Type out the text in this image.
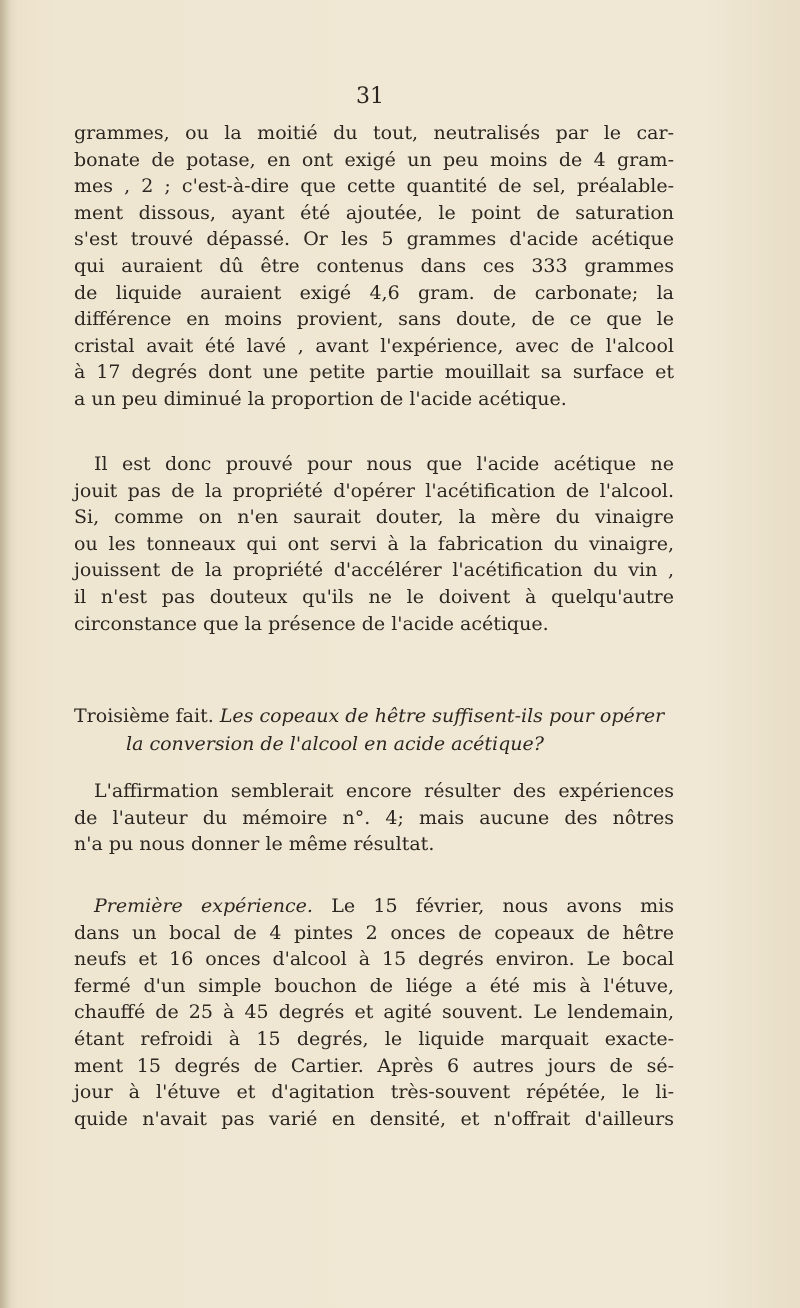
31
grammes, ou la moitié du tout, neutralisés par le car-
bonate de potase, en ont exigé un peu moins de 4 gram-
mes , 2 ; c'est-à-dire que cette quantité de sel, préalable-
ment dissous, ayant été ajoutée, le point de saturation
s'est trouvé dépassé. Or les 5 grammes d'acide acétique
qui auraient dû être contenus dans ces 333 grammes
de liquide auraient exigé 4,6 gram. de carbonate; la
différence en moins provient, sans doute, de ce que le
cristal avait été lavé , avant l'expérience, avec de l'alcool
à 17 degrés dont une petite partie mouillait sa surface et
a un peu diminué la proportion de l'acide acétique.
Il est donc prouvé pour nous que l'acide acétique ne
jouit pas de la propriété d'opérer l'acétification de l'alcool.
Si, comme on n'en saurait douter, la mère du vinaigre
ou les tonneaux qui ont servi à la fabrication du vinaigre,
jouissent de la propriété d'accélérer l'acétification du vin ,
il n'est pas douteux qu'ils ne le doivent à quelqu'autre
circonstance que la présence de l'acide acétique.
Troisième fait. Les copeaux de hêtre suffisent-ils pour opérer
la conversion de l'alcool en acide acétique?
L'affirmation semblerait encore résulter des expériences
de l'auteur du mémoire n°. 4; mais aucune des nôtres
n'a pu nous donner le même résultat.
Première expérience. Le 15 février, nous avons mis
dans un bocal de 4 pintes 2 onces de copeaux de hêtre
neufs et 16 onces d'alcool à 15 degrés environ. Le bocal
fermé d'un simple bouchon de liége a été mis à l'étuve,
chauffé de 25 à 45 degrés et agité souvent. Le lendemain,
étant refroidi à 15 degrés, le liquide marquait exacte-
ment 15 degrés de Cartier. Après 6 autres jours de sé-
jour à l'étuve et d'agitation très-souvent répétée, le li-
quide n'avait pas varié en densité, et n'offrait d'ailleurs
